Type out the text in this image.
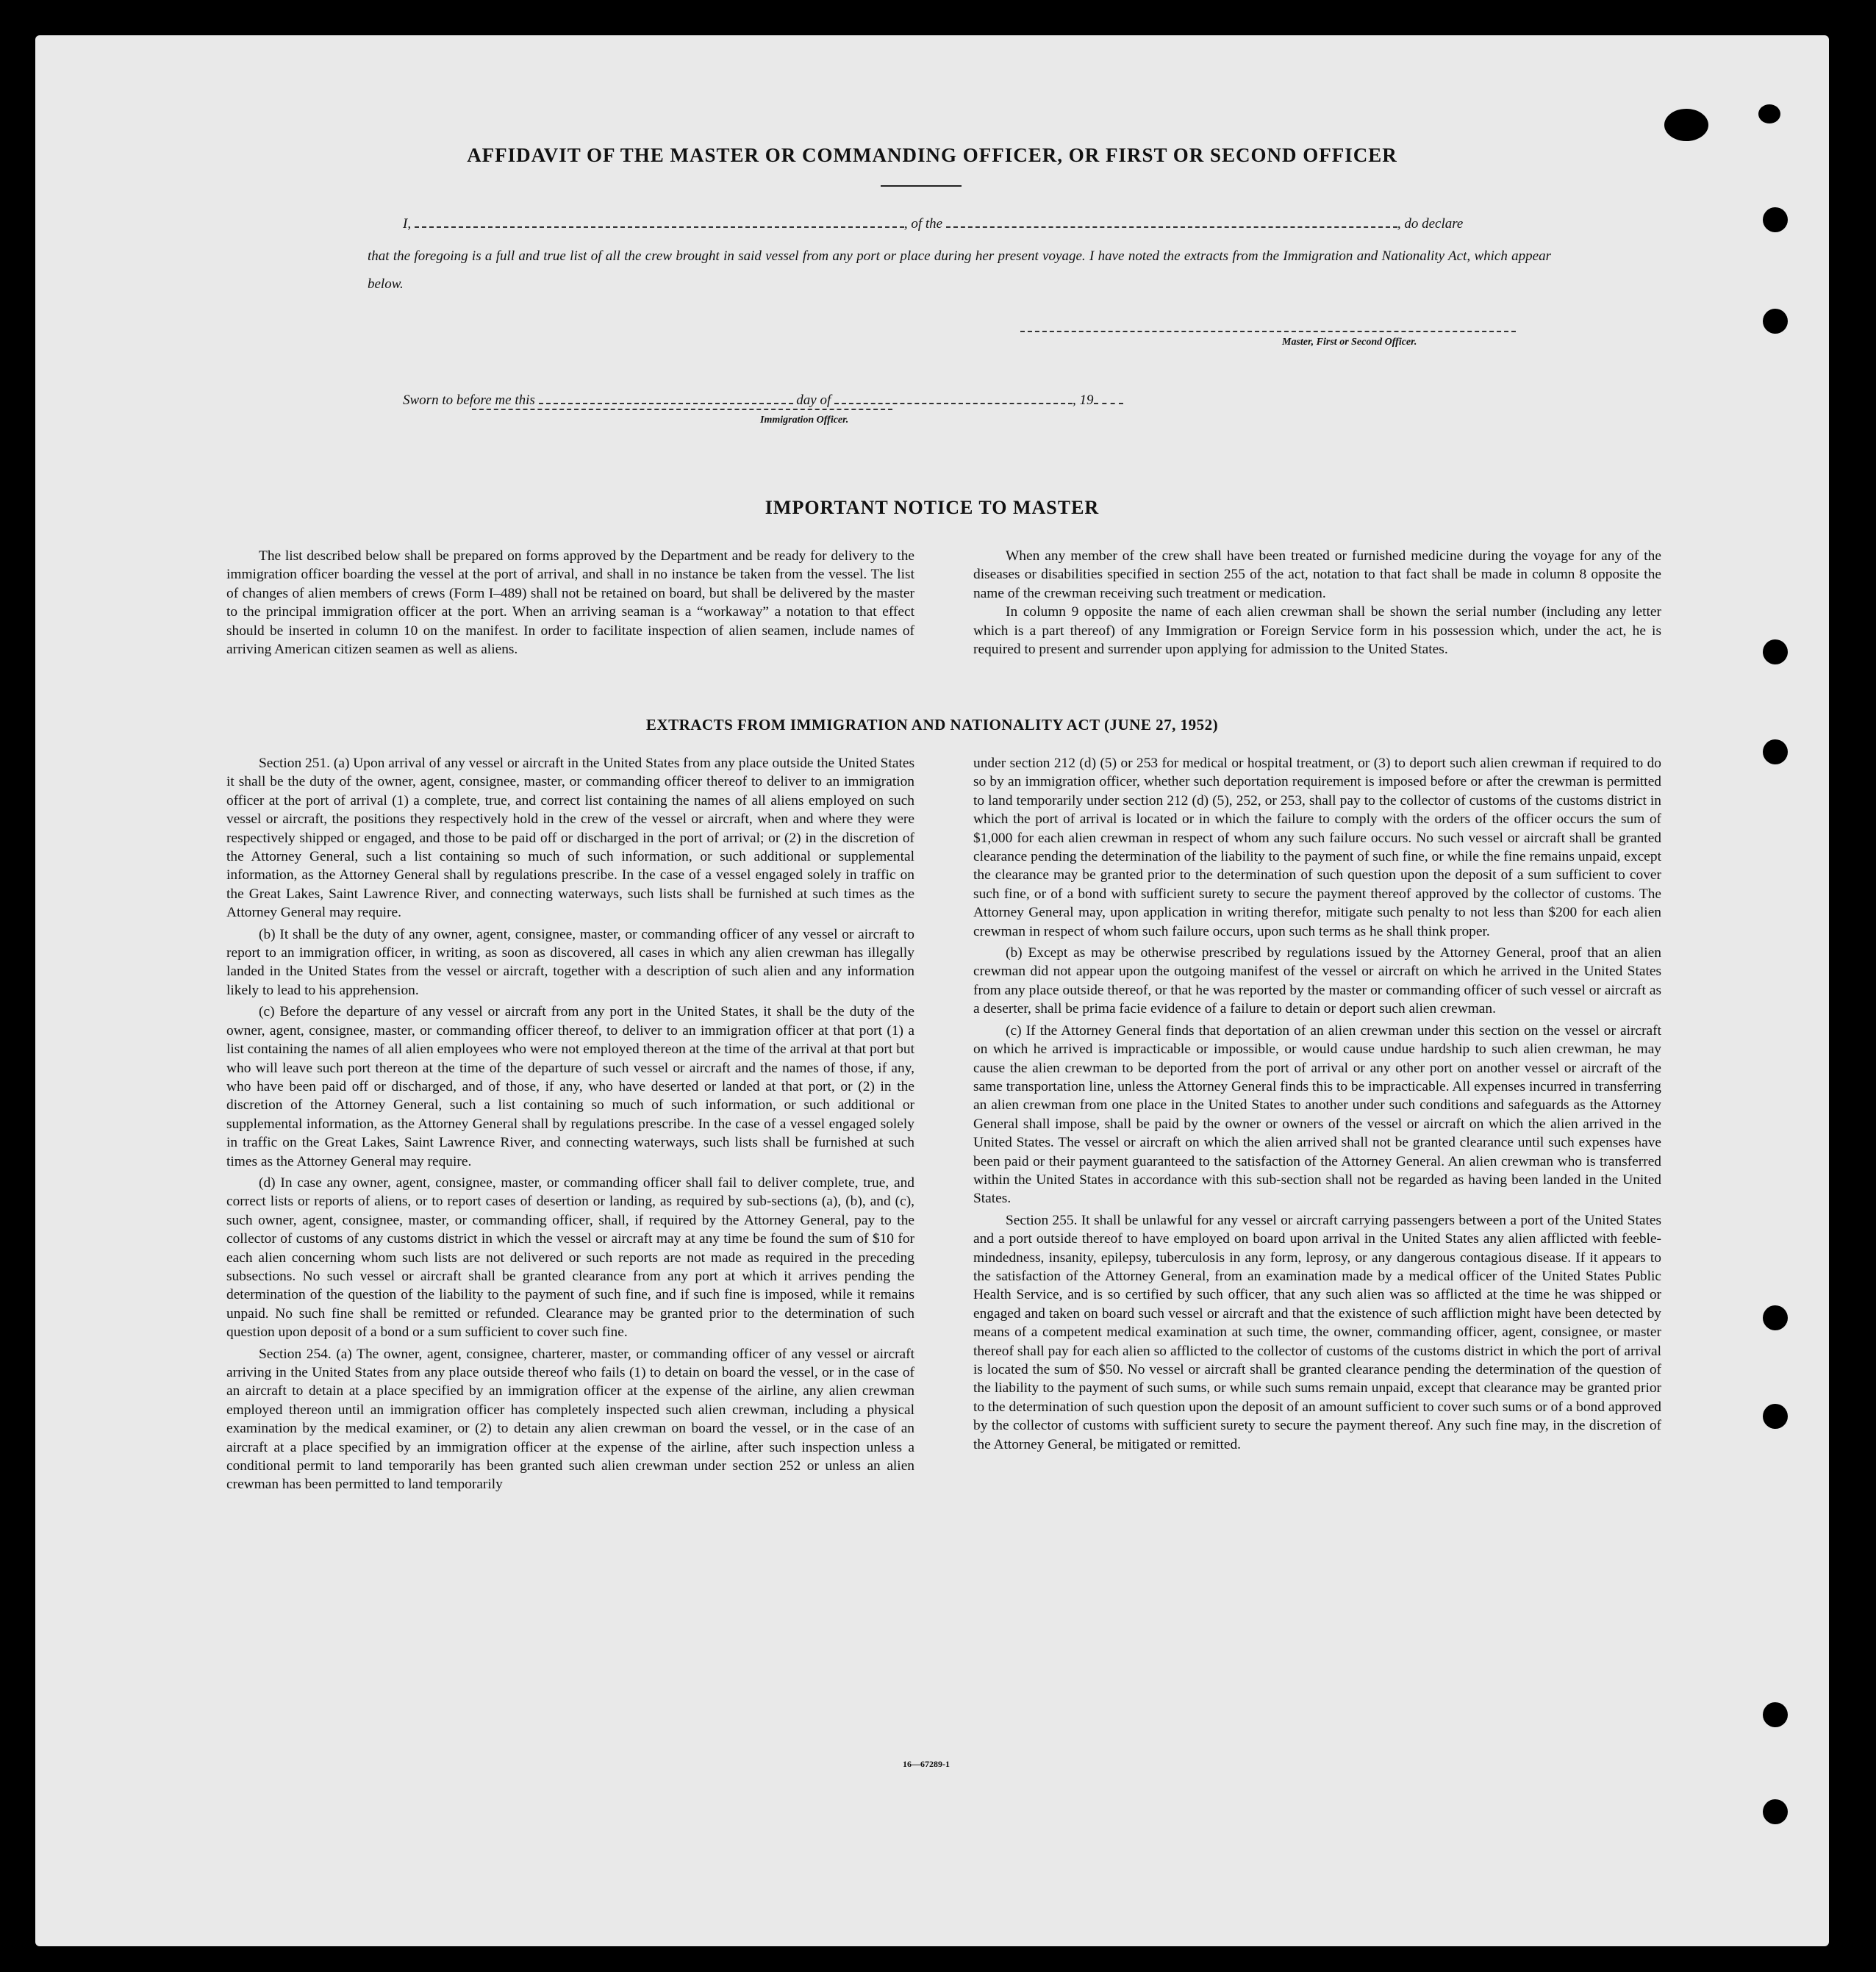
AFFIDAVIT OF THE MASTER OR COMMANDING OFFICER, OR FIRST OR SECOND OFFICER
I,	, of the	, do declare
that the foregoing is a full and true list of all the crew brought in said vessel from any port or place during her present voyage. I have noted the extracts from the Immigration and Nationality Act, which appear below.
Master, First or Second Officer.
Sworn to before me this	day of	, 19
Immigration Officer.
IMPORTANT NOTICE TO MASTER

The list described below shall be prepared on forms approved by the Department and be ready for delivery to the immigration officer boarding the vessel at the port of arrival, and shall in no instance be taken from the vessel. The list of changes of alien members of crews (Form I–489) shall not be retained on board, but shall be delivered by the master to the principal immigration officer at the port. When an arriving seaman is a “workaway” a notation to that effect should be inserted in column 10 on the manifest. In order to facilitate inspection of alien seamen, include names of arriving American citizen seamen as well as aliens.

When any member of the crew shall have been treated or furnished medicine during the voyage for any of the diseases or disabilities specified in section 255 of the act, notation to that fact shall be made in column 8 opposite the name of the crewman receiving such treatment or medication.

In column 9 opposite the name of each alien crewman shall be shown the serial number (including any letter which is a part thereof) of any Immigration or Foreign Service form in his possession which, under the act, he is required to present and surrender upon applying for admission to the United States.

EXTRACTS FROM IMMIGRATION AND NATIONALITY ACT (JUNE 27, 1952)

Section 251. (a) Upon arrival of any vessel or aircraft in the United States from any place outside the United States it shall be the duty of the owner, agent, consignee, master, or commanding officer thereof to deliver to an immigration officer at the port of arrival (1) a complete, true, and correct list containing the names of all aliens employed on such vessel or aircraft, the positions they respectively hold in the crew of the vessel or aircraft, when and where they were respectively shipped or engaged, and those to be paid off or discharged in the port of arrival; or (2) in the discretion of the Attorney General, such a list containing so much of such information, or such additional or supplemental information, as the Attorney General shall by regulations prescribe. In the case of a vessel engaged solely in traffic on the Great Lakes, Saint Lawrence River, and connecting waterways, such lists shall be furnished at such times as the Attorney General may require.

(b) It shall be the duty of any owner, agent, consignee, master, or commanding officer of any vessel or aircraft to report to an immigration officer, in writing, as soon as discovered, all cases in which any alien crewman has illegally landed in the United States from the vessel or aircraft, together with a description of such alien and any information likely to lead to his apprehension.

(c) Before the departure of any vessel or aircraft from any port in the United States, it shall be the duty of the owner, agent, consignee, master, or commanding officer thereof, to deliver to an immigration officer at that port (1) a list containing the names of all alien employees who were not employed thereon at the time of the arrival at that port but who will leave such port thereon at the time of the departure of such vessel or aircraft and the names of those, if any, who have been paid off or discharged, and of those, if any, who have deserted or landed at that port, or (2) in the discretion of the Attorney General, such a list containing so much of such information, or such additional or supplemental information, as the Attorney General shall by regulations prescribe. In the case of a vessel engaged solely in traffic on the Great Lakes, Saint Lawrence River, and connecting waterways, such lists shall be furnished at such times as the Attorney General may require.

(d) In case any owner, agent, consignee, master, or commanding officer shall fail to deliver complete, true, and correct lists or reports of aliens, or to report cases of desertion or landing, as required by sub-sections (a), (b), and (c), such owner, agent, consignee, master, or commanding officer, shall, if required by the Attorney General, pay to the collector of customs of any customs district in which the vessel or aircraft may at any time be found the sum of $10 for each alien concerning whom such lists are not delivered or such reports are not made as required in the preceding subsections. No such vessel or aircraft shall be granted clearance from any port at which it arrives pending the determination of the question of the liability to the payment of such fine, and if such fine is imposed, while it remains unpaid. No such fine shall be remitted or refunded. Clearance may be granted prior to the determination of such question upon deposit of a bond or a sum sufficient to cover such fine.

Section 254. (a) The owner, agent, consignee, charterer, master, or commanding officer of any vessel or aircraft arriving in the United States from any place outside thereof who fails (1) to detain on board the vessel, or in the case of an aircraft to detain at a place specified by an immigration officer at the expense of the airline, any alien crewman employed thereon until an immigration officer has completely inspected such alien crewman, including a physical examination by the medical examiner, or (2) to detain any alien crewman on board the vessel, or in the case of an aircraft at a place specified by an immigration officer at the expense of the airline, after such inspection unless a conditional permit to land temporarily has been granted such alien crewman under section 252 or unless an alien crewman has been permitted to land temporarily

under section 212 (d) (5) or 253 for medical or hospital treatment, or (3) to deport such alien crewman if required to do so by an immigration officer, whether such deportation requirement is imposed before or after the crewman is permitted to land temporarily under section 212 (d) (5), 252, or 253, shall pay to the collector of customs of the customs district in which the port of arrival is located or in which the failure to comply with the orders of the officer occurs the sum of $1,000 for each alien crewman in respect of whom any such failure occurs. No such vessel or aircraft shall be granted clearance pending the determination of the liability to the payment of such fine, or while the fine remains unpaid, except the clearance may be granted prior to the determination of such question upon the deposit of a sum sufficient to cover such fine, or of a bond with sufficient surety to secure the payment thereof approved by the collector of customs. The Attorney General may, upon application in writing therefor, mitigate such penalty to not less than $200 for each alien crewman in respect of whom such failure occurs, upon such terms as he shall think proper.

(b) Except as may be otherwise prescribed by regulations issued by the Attorney General, proof that an alien crewman did not appear upon the outgoing manifest of the vessel or aircraft on which he arrived in the United States from any place outside thereof, or that he was reported by the master or commanding officer of such vessel or aircraft as a deserter, shall be prima facie evidence of a failure to detain or deport such alien crewman.

(c) If the Attorney General finds that deportation of an alien crewman under this section on the vessel or aircraft on which he arrived is impracticable or impossible, or would cause undue hardship to such alien crewman, he may cause the alien crewman to be deported from the port of arrival or any other port on another vessel or aircraft of the same transportation line, unless the Attorney General finds this to be impracticable. All expenses incurred in transferring an alien crewman from one place in the United States to another under such conditions and safeguards as the Attorney General shall impose, shall be paid by the owner or owners of the vessel or aircraft on which the alien arrived in the United States. The vessel or aircraft on which the alien arrived shall not be granted clearance until such expenses have been paid or their payment guaranteed to the satisfaction of the Attorney General. An alien crewman who is transferred within the United States in accordance with this sub-section shall not be regarded as having been landed in the United States.

Section 255. It shall be unlawful for any vessel or aircraft carrying passengers between a port of the United States and a port outside thereof to have employed on board upon arrival in the United States any alien afflicted with feeble-mindedness, insanity, epilepsy, tuberculosis in any form, leprosy, or any dangerous contagious disease. If it appears to the satisfaction of the Attorney General, from an examination made by a medical officer of the United States Public Health Service, and is so certified by such officer, that any such alien was so afflicted at the time he was shipped or engaged and taken on board such vessel or aircraft and that the existence of such affliction might have been detected by means of a competent medical examination at such time, the owner, commanding officer, agent, consignee, or master thereof shall pay for each alien so afflicted to the collector of customs of the customs district in which the port of arrival is located the sum of $50. No vessel or aircraft shall be granted clearance pending the determination of the question of the liability to the payment of such sums, or while such sums remain unpaid, except that clearance may be granted prior to the determination of such question upon the deposit of an amount sufficient to cover such sums or of a bond approved by the collector of customs with sufficient surety to secure the payment thereof. Any such fine may, in the discretion of the Attorney General, be mitigated or remitted.

16—67289-1
